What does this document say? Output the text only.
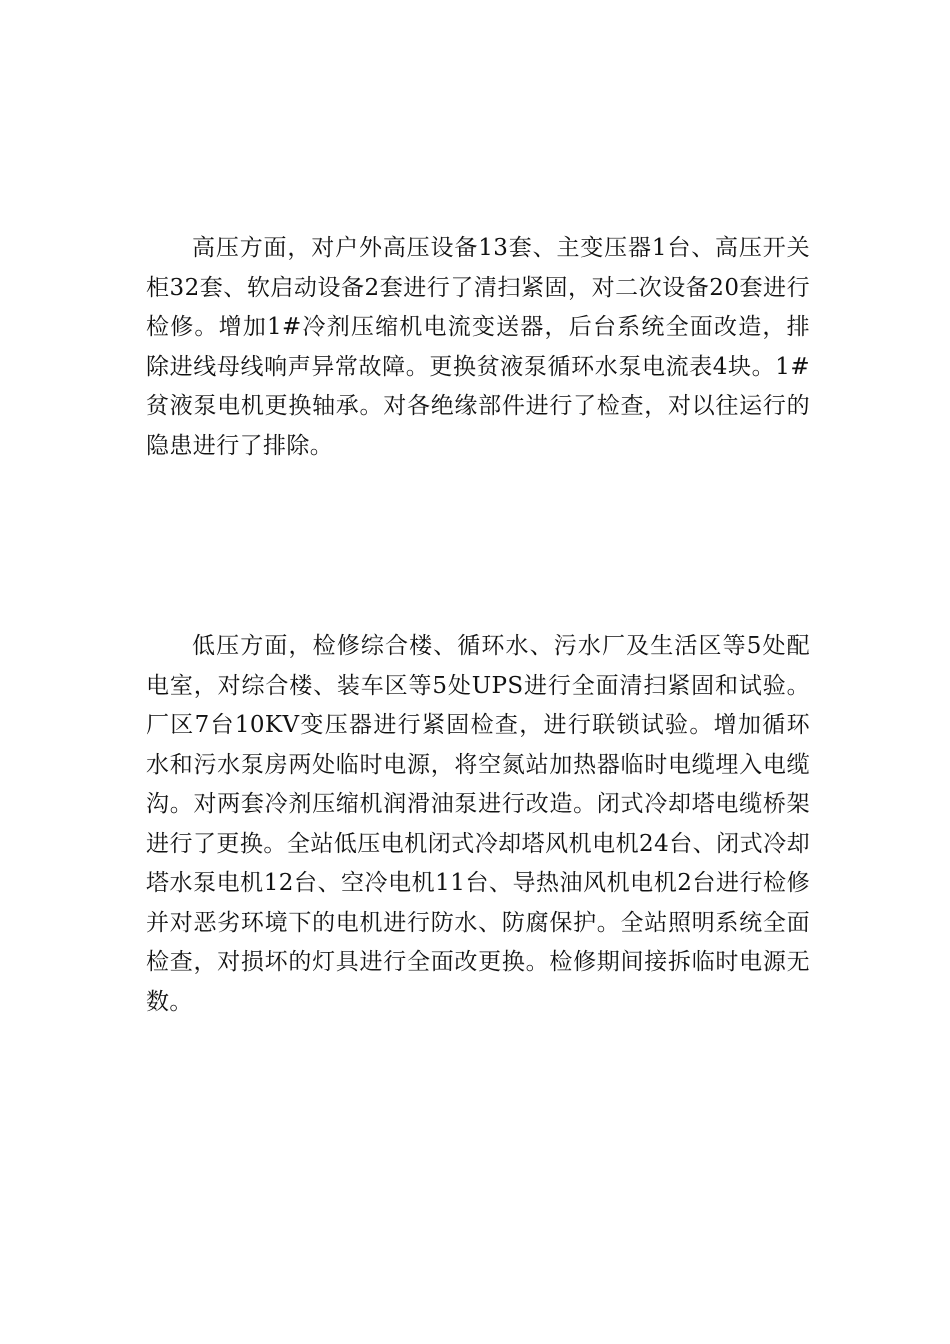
高压方面，对户外高压设备13套、主变压器1台、高压开关柜32套、软启动设备2套进行了清扫紧固，对二次设备20套进行检修。增加1#冷剂压缩机电流变送器，后台系统全面改造，排除进线母线响声异常故障。更换贫液泵循环水泵电流表4块。1#贫液泵电机更换轴承。对各绝缘部件进行了检查，对以往运行的隐患进行了排除。

低压方面，检修综合楼、循环水、污水厂及生活区等5处配电室，对综合楼、装车区等5处UPS进行全面清扫紧固和试验。厂区7台10KV变压器进行紧固检查，进行联锁试验。增加循环水和污水泵房两处临时电源，将空氮站加热器临时电缆埋入电缆沟。对两套冷剂压缩机润滑油泵进行改造。闭式冷却塔电缆桥架进行了更换。全站低压电机闭式冷却塔风机电机24台、闭式冷却塔水泵电机12台、空冷电机11台、导热油风机电机2台进行检修并对恶劣环境下的电机进行防水、防腐保护。全站照明系统全面检查，对损坏的灯具进行全面改更换。检修期间接拆临时电源无数。
